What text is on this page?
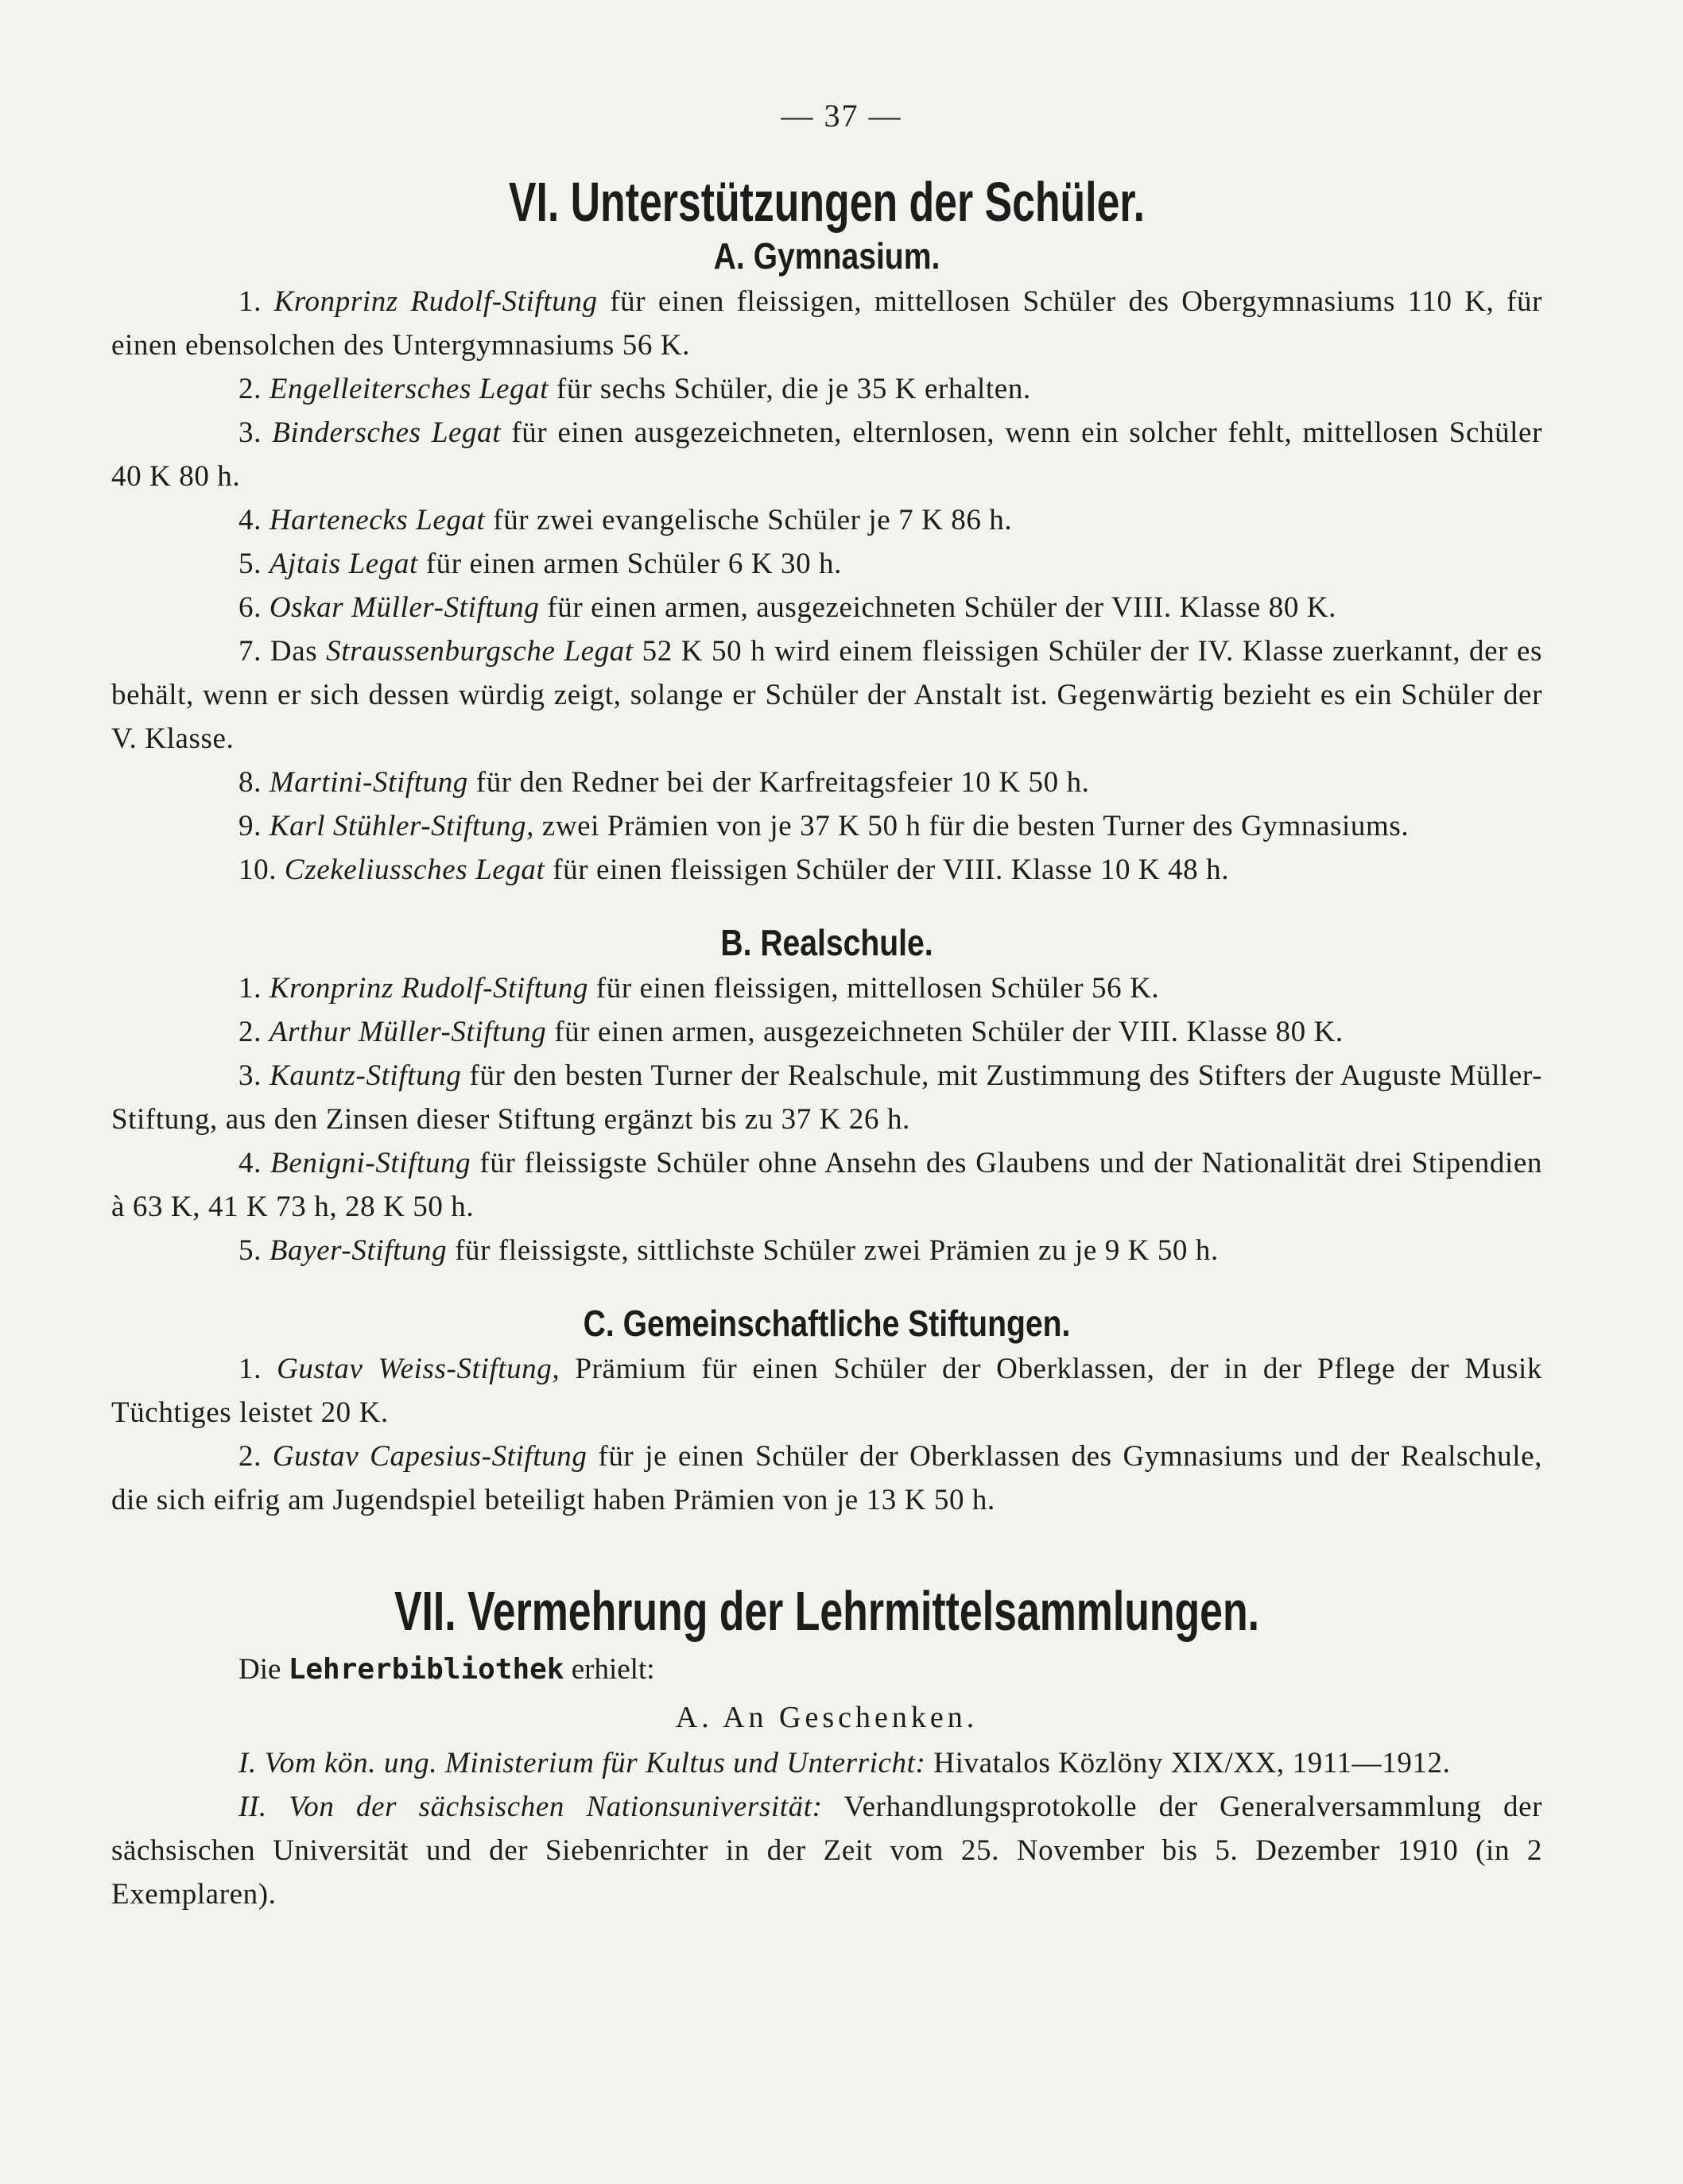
— 37 —
VI. Unterstützungen der Schüler.
A. Gymnasium.

1. Kronprinz Rudolf-Stiftung für einen fleissigen, mittellosen Schüler des Obergymnasiums 110 K, für einen ebensolchen des Untergymnasiums 56 K.

2. Engelleitersches Legat für sechs Schüler, die je 35 K erhalten.

3. Bindersches Legat für einen ausgezeichneten, elternlosen, wenn ein solcher fehlt, mittellosen Schüler 40 K 80 h.

4. Hartenecks Legat für zwei evangelische Schüler je 7 K 86 h.

5. Ajtais Legat für einen armen Schüler 6 K 30 h.

6. Oskar Müller-Stiftung für einen armen, ausgezeichneten Schüler der VIII. Klasse 80 K.

7. Das Straussenburgsche Legat 52 K 50 h wird einem fleissigen Schüler der IV. Klasse zuerkannt, der es behält, wenn er sich dessen würdig zeigt, solange er Schüler der Anstalt ist. Gegenwärtig bezieht es ein Schüler der V. Klasse.

8. Martini-Stiftung für den Redner bei der Karfreitagsfeier 10 K 50 h.

9. Karl Stühler-Stiftung, zwei Prämien von je 37 K 50 h für die besten Turner des Gymnasiums.

10. Czekeliussches Legat für einen fleissigen Schüler der VIII. Klasse 10 K 48 h.

B. Realschule.

1. Kronprinz Rudolf-Stiftung für einen fleissigen, mittellosen Schüler 56 K.

2. Arthur Müller-Stiftung für einen armen, ausgezeichneten Schüler der VIII. Klasse 80 K.

3. Kauntz-Stiftung für den besten Turner der Realschule, mit Zustimmung des Stifters der Auguste Müller-Stiftung, aus den Zinsen dieser Stiftung ergänzt bis zu 37 K 26 h.

4. Benigni-Stiftung für fleissigste Schüler ohne Ansehn des Glaubens und der Nationalität drei Stipendien à 63 K, 41 K 73 h, 28 K 50 h.

5. Bayer-Stiftung für fleissigste, sittlichste Schüler zwei Prämien zu je 9 K 50 h.

C. Gemeinschaftliche Stiftungen.

1. Gustav Weiss-Stiftung, Prämium für einen Schüler der Oberklassen, der in der Pflege der Musik Tüchtiges leistet 20 K.

2. Gustav Capesius-Stiftung für je einen Schüler der Oberklassen des Gymnasiums und der Realschule, die sich eifrig am Jugendspiel beteiligt haben Prämien von je 13 K 50 h.

VII. Vermehrung der Lehrmittelsammlungen.

Die Lehrerbibliothek erhielt:

A. An Geschenken.

I. Vom kön. ung. Ministerium für Kultus und Unterricht: Hivatalos Közlöny XIX/XX, 1911—1912.

II. Von der sächsischen Nationsuniversität: Verhandlungsprotokolle der Generalversammlung der sächsischen Universität und der Siebenrichter in der Zeit vom 25. November bis 5. Dezember 1910 (in 2 Exemplaren).
